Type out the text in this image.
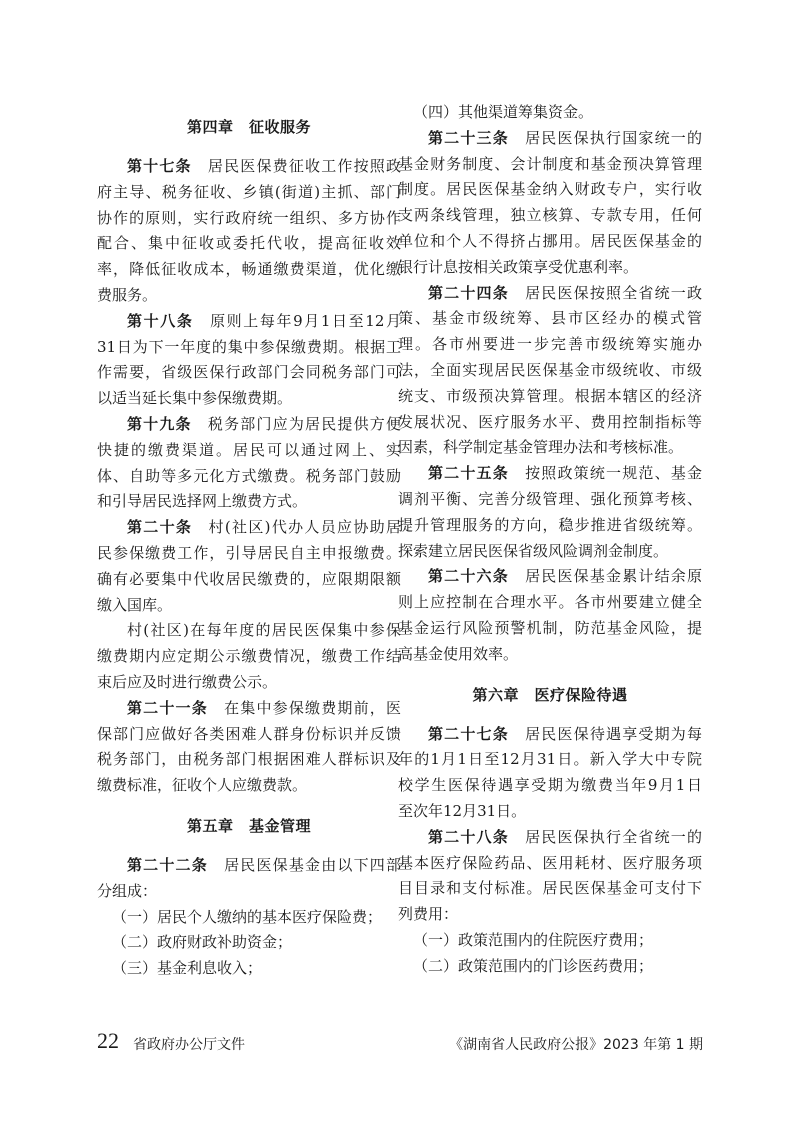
第四章　征收服务
第十七条　居民医保费征收工作按照政
府主导、税务征收、乡镇(街道)主抓、部门
协作的原则，实行政府统一组织、多方协作
配合、集中征收或委托代收，提高征收效
率，降低征收成本，畅通缴费渠道，优化缴
费服务。
第十八条　原则上每年9月1日至12月
31日为下一年度的集中参保缴费期。根据工
作需要，省级医保行政部门会同税务部门可
以适当延长集中参保缴费期。
第十九条　税务部门应为居民提供方便
快捷的缴费渠道。居民可以通过网上、实
体、自助等多元化方式缴费。税务部门鼓励
和引导居民选择网上缴费方式。
第二十条　村(社区)代办人员应协助居
民参保缴费工作，引导居民自主申报缴费。
确有必要集中代收居民缴费的，应限期限额
缴入国库。
村(社区)在每年度的居民医保集中参保
缴费期内应定期公示缴费情况，缴费工作结
束后应及时进行缴费公示。
第二十一条　在集中参保缴费期前，医
保部门应做好各类困难人群身份标识并反馈
税务部门，由税务部门根据困难人群标识及
缴费标准，征收个人应缴费款。
第五章　基金管理
第二十二条　居民医保基金由以下四部
分组成：
（一）居民个人缴纳的基本医疗保险费；
（二）政府财政补助资金；
（三）基金利息收入；
（四）其他渠道筹集资金。
第二十三条　居民医保执行国家统一的
基金财务制度、会计制度和基金预决算管理
制度。居民医保基金纳入财政专户，实行收
支两条线管理，独立核算、专款专用，任何
单位和个人不得挤占挪用。居民医保基金的
银行计息按相关政策享受优惠利率。
第二十四条　居民医保按照全省统一政
策、基金市级统筹、县市区经办的模式管
理。各市州要进一步完善市级统筹实施办
法，全面实现居民医保基金市级统收、市级
统支、市级预决算管理。根据本辖区的经济
发展状况、医疗服务水平、费用控制指标等
因素，科学制定基金管理办法和考核标准。
第二十五条　按照政策统一规范、基金
调剂平衡、完善分级管理、强化预算考核、
提升管理服务的方向，稳步推进省级统筹。
探索建立居民医保省级风险调剂金制度。
第二十六条　居民医保基金累计结余原
则上应控制在合理水平。各市州要建立健全
基金运行风险预警机制，防范基金风险，提
高基金使用效率。
第六章　医疗保险待遇
第二十七条　居民医保待遇享受期为每
年的1月1日至12月31日。新入学大中专院
校学生医保待遇享受期为缴费当年9月1日
至次年12月31日。
第二十八条　居民医保执行全省统一的
基本医疗保险药品、医用耗材、医疗服务项
目目录和支付标准。居民医保基金可支付下
列费用：
（一）政策范围内的住院医疗费用；
（二）政策范围内的门诊医药费用；
22 省政府办公厅文件	《湖南省人民政府公报》2023 年第 1 期
